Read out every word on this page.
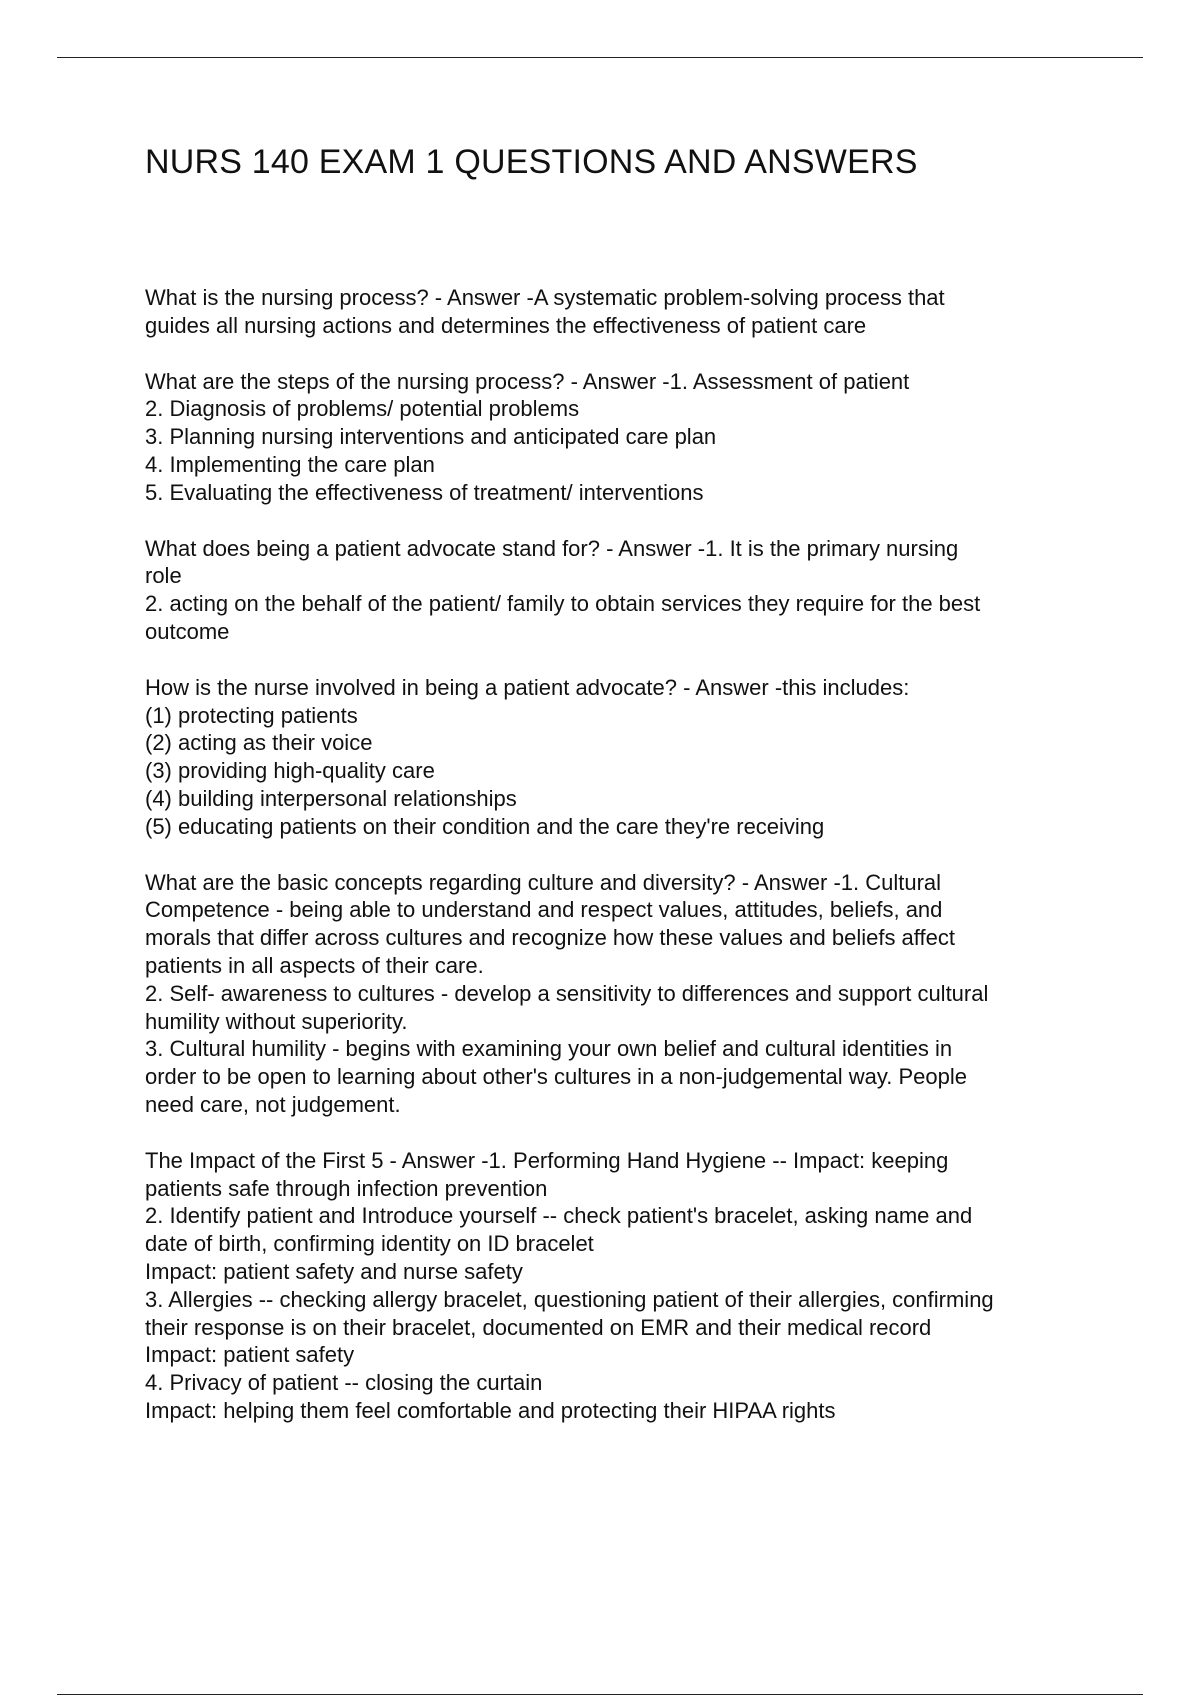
NURS 140 EXAM 1 QUESTIONS AND ANSWERS
What is the nursing process? - Answer -A systematic problem-solving process that
guides all nursing actions and determines the effectiveness of patient care
What are the steps of the nursing process? - Answer -1. Assessment of patient
2. Diagnosis of problems/ potential problems
3. Planning nursing interventions and anticipated care plan
4. Implementing the care plan
5. Evaluating the effectiveness of treatment/ interventions
What does being a patient advocate stand for? - Answer -1. It is the primary nursing
role
2. acting on the behalf of the patient/ family to obtain services they require for the best
outcome
How is the nurse involved in being a patient advocate? - Answer -this includes:
(1) protecting patients
(2) acting as their voice
(3) providing high-quality care
(4) building interpersonal relationships
(5) educating patients on their condition and the care they're receiving
What are the basic concepts regarding culture and diversity? - Answer -1. Cultural
Competence - being able to understand and respect values, attitudes, beliefs, and
morals that differ across cultures and recognize how these values and beliefs affect
patients in all aspects of their care.
2. Self- awareness to cultures - develop a sensitivity to differences and support cultural
humility without superiority.
3. Cultural humility - begins with examining your own belief and cultural identities in
order to be open to learning about other's cultures in a non-judgemental way. People
need care, not judgement.
The Impact of the First 5 - Answer -1. Performing Hand Hygiene -- Impact: keeping
patients safe through infection prevention
2. Identify patient and Introduce yourself -- check patient's bracelet, asking name and
date of birth, confirming identity on ID bracelet
Impact: patient safety and nurse safety
3. Allergies -- checking allergy bracelet, questioning patient of their allergies, confirming
their response is on their bracelet, documented on EMR and their medical record
Impact: patient safety
4. Privacy of patient -- closing the curtain
Impact: helping them feel comfortable and protecting their HIPAA rights
